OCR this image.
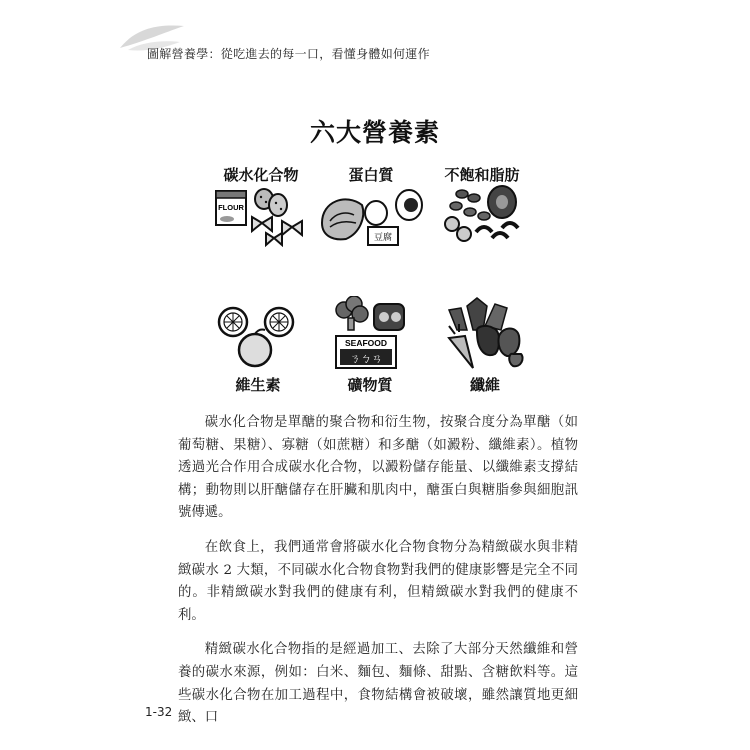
圖解營養學：從吃進去的每一口，看懂身體如何運作
六大營養素
碳水化合物	蛋白質	不飽和脂肪
FLOUR
豆腐
SEAFOOD
ㄋㄅㄢ
維生素	礦物質	纖維

碳水化合物是單醣的聚合物和衍生物，按聚合度分為單醣（如葡萄糖、果糖）、寡糖（如蔗糖）和多醣（如澱粉、纖維素）。植物透過光合作用合成碳水化合物，以澱粉儲存能量、以纖維素支撐結構；動物則以肝醣儲存在肝臟和肌肉中，醣蛋白與糖脂參與細胞訊號傳遞。

在飲食上，我們通常會將碳水化合物食物分為精緻碳水與非精緻碳水 2 大類，不同碳水化合物食物對我們的健康影響是完全不同的。非精緻碳水對我們的健康有利，但精緻碳水對我們的健康不利。

精緻碳水化合物指的是經過加工、去除了大部分天然纖維和營養的碳水來源，例如：白米、麵包、麵條、甜點、含糖飲料等。這些碳水化合物在加工過程中，食物結構會被破壞，雖然讓質地更細緻、口

1-32
